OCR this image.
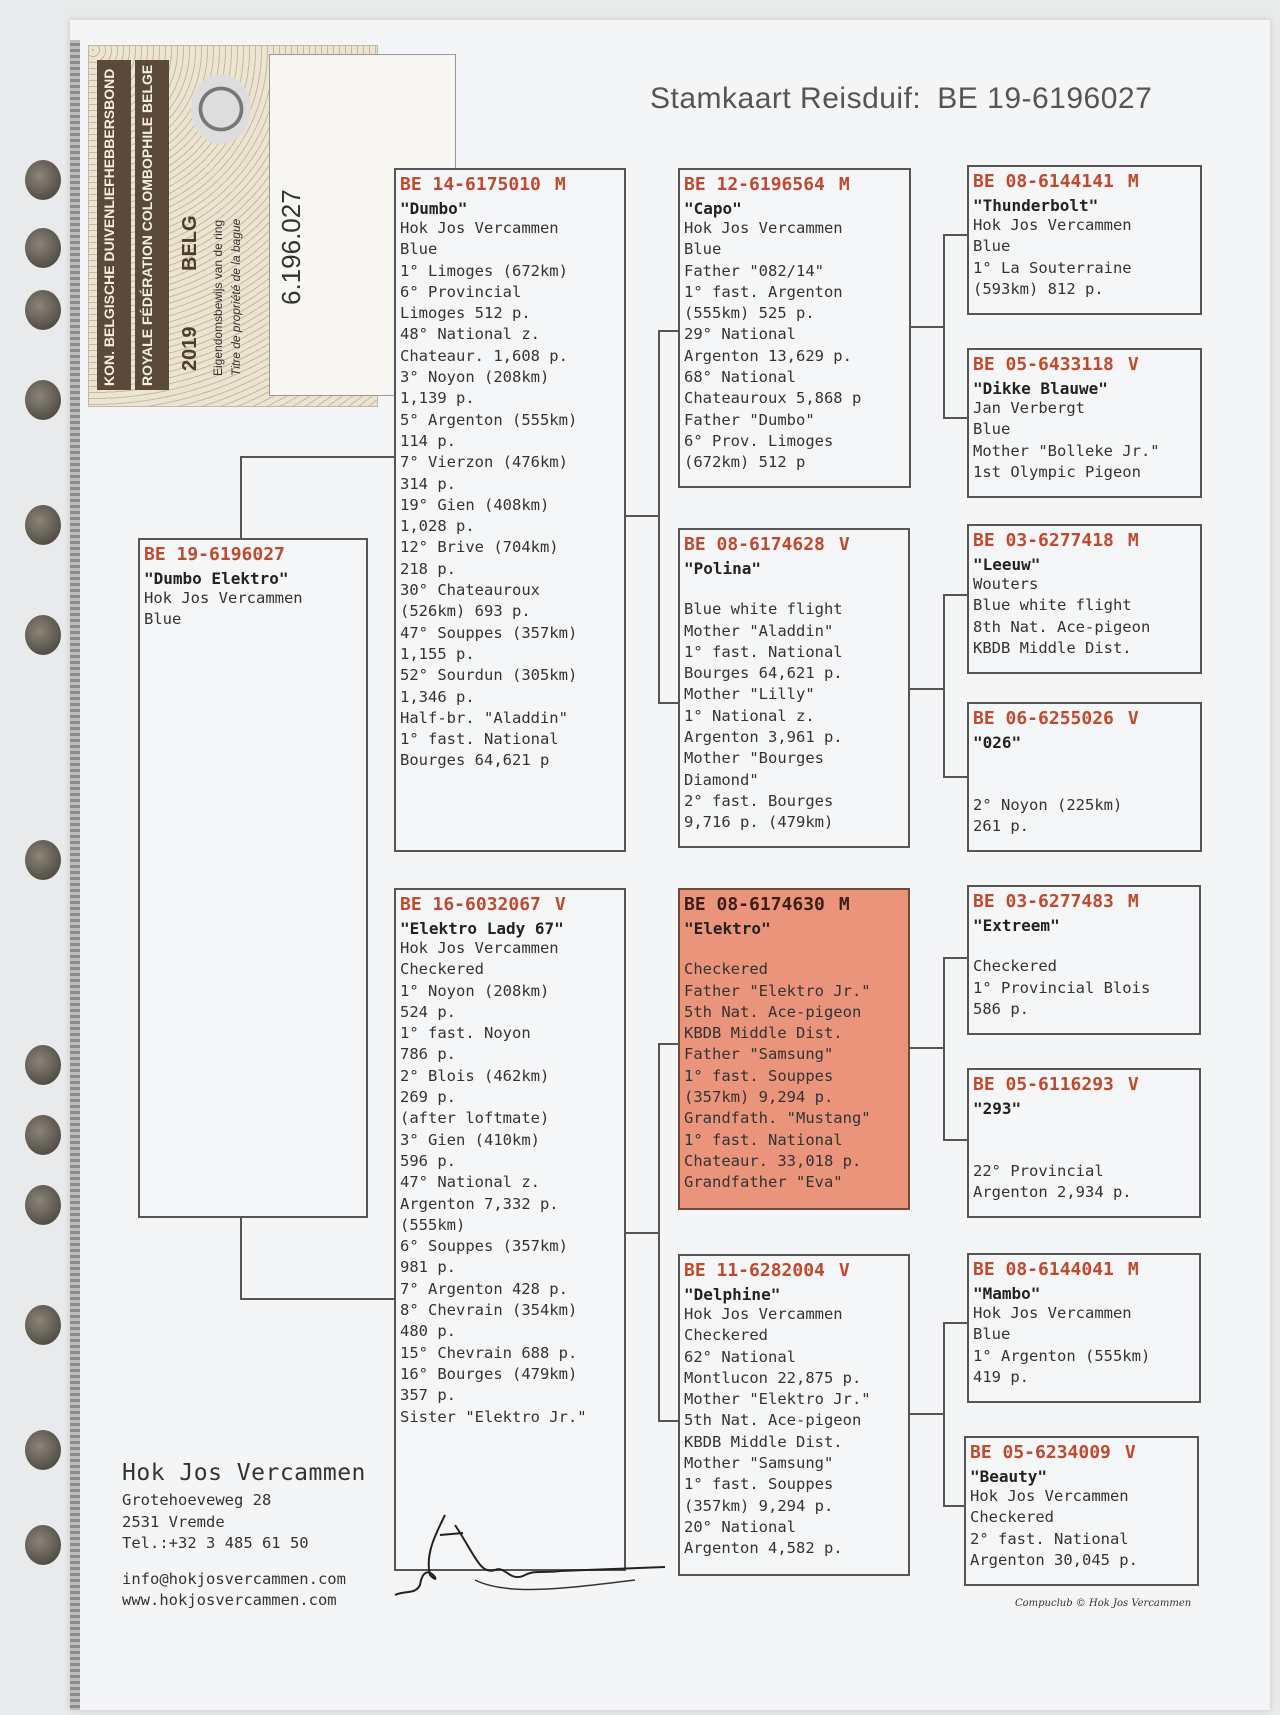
Stamkaart Reisduif: BE 19-6196027
KON. BELGISCHE DUIVENLIEFHEBBERSBOND ROYALE FÉDÉRATION COLOMBOPHILE BELGE 2019
BELG Eigendomsbewijs van de ring Titre de propriété de la bague 6.196.027
BE 19-6196027
"Dumbo Elektro"
Hok Jos Vercammen
Blue
BE 14-6175010 M
"Dumbo"
Hok Jos Vercammen
Blue
1° Limoges (672km)
6° Provincial
Limoges 512 p.
48° National z.
Chateaur. 1,608 p.
3° Noyon (208km)
1,139 p.
5° Argenton (555km)
114 p.
7° Vierzon (476km)
314 p.
19° Gien (408km)
1,028 p.
12° Brive (704km)
218 p.
30° Chateauroux
(526km) 693 p.
47° Souppes (357km)
1,155 p.
52° Sourdun (305km)
1,346 p.
Half-br. "Aladdin"
1° fast. National
Bourges 64,621 p
BE 16-6032067 V
"Elektro Lady 67"
Hok Jos Vercammen
Checkered
1° Noyon (208km)
524 p.
1° fast. Noyon
786 p.
2° Blois (462km)
269 p.
(after loftmate)
3° Gien (410km)
596 p.
47° National z.
Argenton 7,332 p.
(555km)
6° Souppes (357km)
981 p.
7° Argenton 428 p.
8° Chevrain (354km)
480 p.
15° Chevrain 688 p.
16° Bourges (479km)
357 p.
Sister "Elektro Jr."
BE 12-6196564 M
"Capo"
Hok Jos Vercammen
Blue
Father "082/14"
1° fast. Argenton
(555km) 525 p.
29° National
Argenton 13,629 p.
68° National
Chateauroux 5,868 p
Father "Dumbo"
6° Prov. Limoges
(672km) 512 p
BE 08-6174628 V
"Polina"

Blue white flight
Mother "Aladdin"
1° fast. National
Bourges 64,621 p.
Mother "Lilly"
1° National z.
Argenton 3,961 p.
Mother "Bourges
Diamond"
2° fast. Bourges
9,716 p. (479km)
BE 08-6174630 M
"Elektro"

Checkered
Father "Elektro Jr."
5th Nat. Ace-pigeon
KBDB Middle Dist.
Father "Samsung"
1° fast. Souppes
(357km) 9,294 p.
Grandfath. "Mustang"
1° fast. National
Chateaur. 33,018 p.
Grandfather "Eva"
BE 11-6282004 V
"Delphine"
Hok Jos Vercammen
Checkered
62° National
Montlucon 22,875 p.
Mother "Elektro Jr."
5th Nat. Ace-pigeon
KBDB Middle Dist.
Mother "Samsung"
1° fast. Souppes
(357km) 9,294 p.
20° National
Argenton 4,582 p.
BE 08-6144141 M
"Thunderbolt"
Hok Jos Vercammen
Blue
1° La Souterraine
(593km) 812 p.
BE 05-6433118 V
"Dikke Blauwe"
Jan Verbergt
Blue
Mother "Bolleke Jr."
1st Olympic Pigeon
BE 03-6277418 M
"Leeuw"
Wouters
Blue white flight
8th Nat. Ace-pigeon
KBDB Middle Dist.
BE 06-6255026 V
"026"

2° Noyon (225km)
261 p.
BE 03-6277483 M
"Extreem"

Checkered
1° Provincial Blois
586 p.
BE 05-6116293 V
"293"

22° Provincial
Argenton 2,934 p.
BE 08-6144041 M
"Mambo"
Hok Jos Vercammen
Blue
1° Argenton (555km)
419 p.
BE 05-6234009 V
"Beauty"
Hok Jos Vercammen
Checkered
2° fast. National
Argenton 30,045 p.
Hok Jos Vercammen
Grotehoeveweg 28
2531 Vremde
Tel.:+32 3 485 61 50
info@hokjosvercammen.com
www.hokjosvercammen.com	Compuclub © Hok Jos Vercammen
